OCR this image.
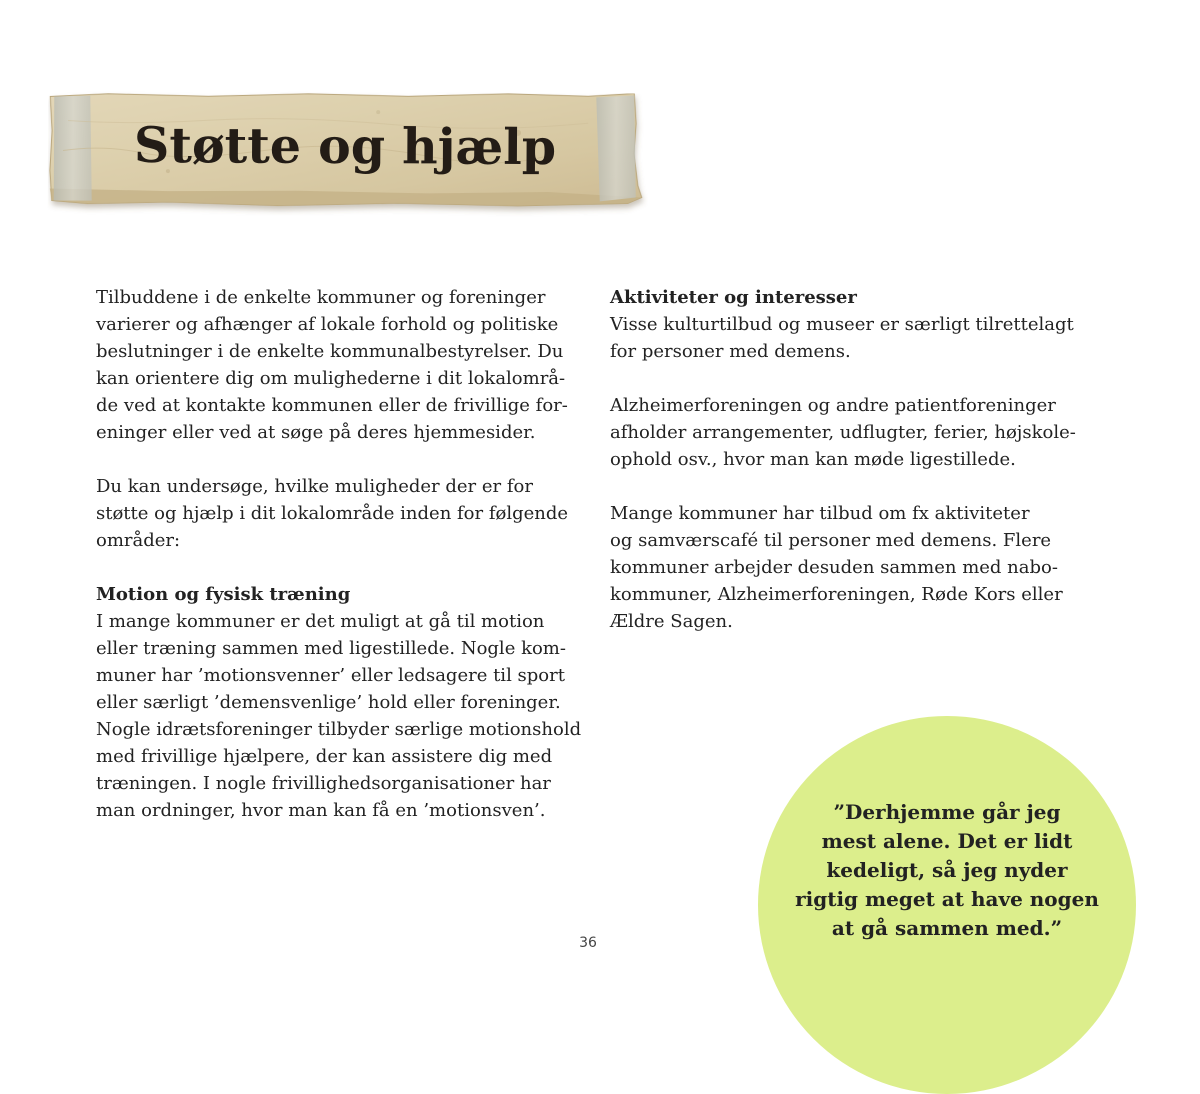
Støtte og hjælp
Tilbuddene i de enkelte kommuner og foreninger
varierer og afhænger af lokale forhold og politiske
beslutninger i de enkelte kommunalbestyrelser. Du
kan orientere dig om mulighederne i dit lokalområ-
de ved at kontakte kommunen eller de frivillige for-
eninger eller ved at søge på deres hjemmesider.
Du kan undersøge, hvilke muligheder der er for
støtte og hjælp i dit lokalområde inden for følgende
områder:
Motion og fysisk træning
I mange kommuner er det muligt at gå til motion
eller træning sammen med ligestillede. Nogle kom-
muner har ’motionsvenner’ eller ledsagere til sport
eller særligt ’demensvenlige’ hold eller foreninger.
Nogle idrætsforeninger tilbyder særlige motionshold
med frivillige hjælpere, der kan assistere dig med
træningen. I nogle frivillighedsorganisationer har
man ordninger, hvor man kan få en ’motionsven’.
Aktiviteter og interesser
Visse kulturtilbud og museer er særligt tilrettelagt
for personer med demens.
Alzheimerforeningen og andre patientforeninger
afholder arrangementer, udflugter, ferier, højskole-
ophold osv., hvor man kan møde ligestillede.
Mange kommuner har tilbud om fx aktiviteter
og samværscafé til personer med demens. Flere
kommuner arbejder desuden sammen med nabo-
kommuner, Alzheimerforeningen, Røde Kors eller
Ældre Sagen.
”Derhjemme går jeg
mest alene. Det er lidt
kedeligt, så jeg nyder
rigtig meget at have nogen
at gå sammen med.”
36
